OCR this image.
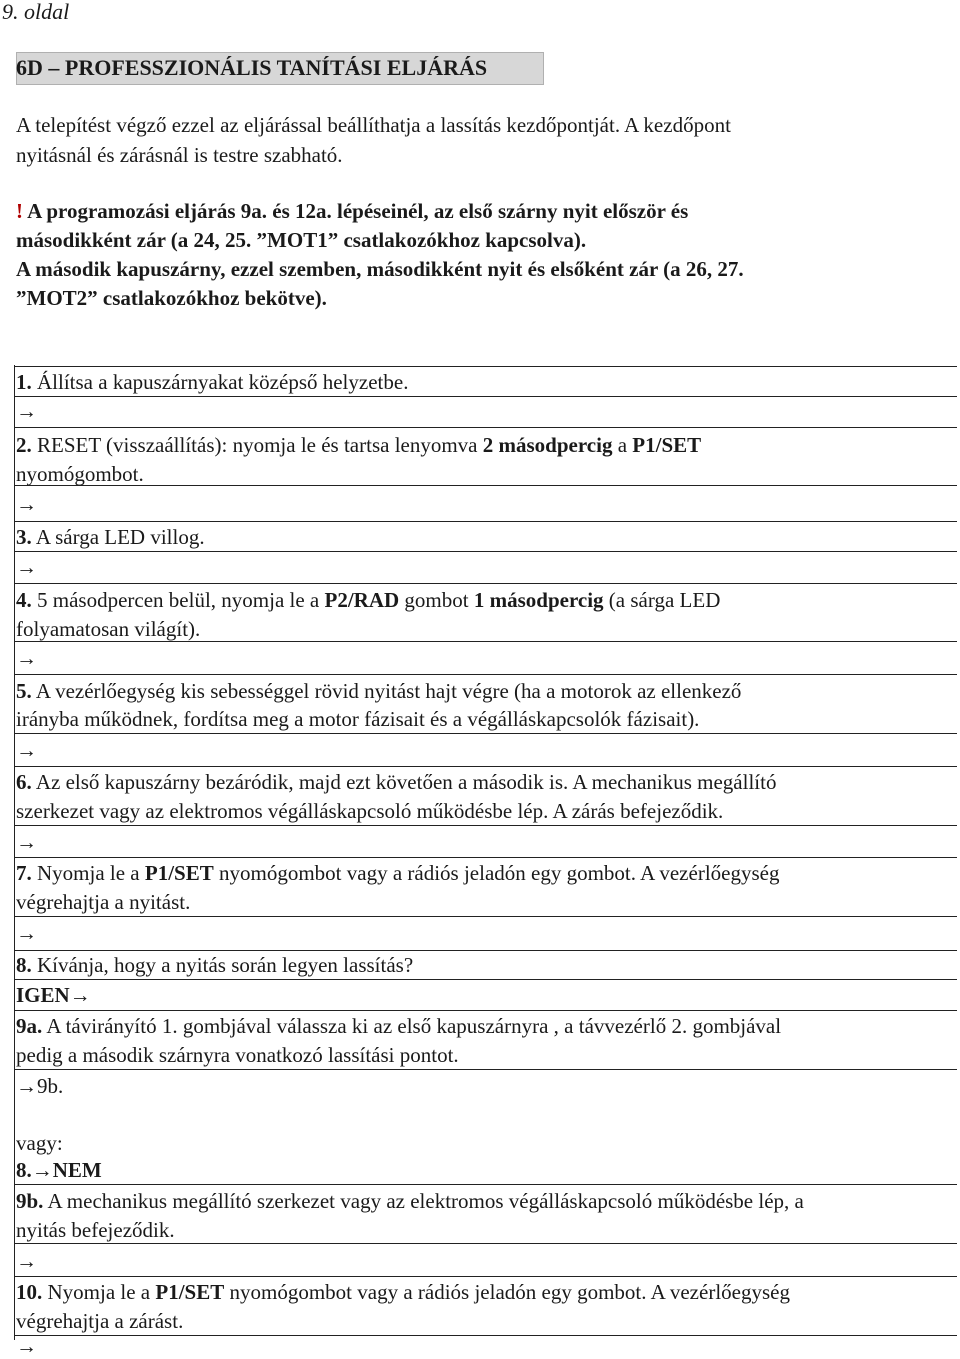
9. oldal
6D – PROFESSZIONÁLIS TANÍTÁSI ELJÁRÁS
A telepítést végző ezzel az eljárással beállíthatja a lassítás kezdőpontját. A kezdőpont
nyitásnál és zárásnál is testre szabható.
! A programozási eljárás 9a. és 12a. lépéseinél, az első szárny nyit először és
másodikként zár (a 24, 25. ”MOT1” csatlakozókhoz kapcsolva).
A második kapuszárny, ezzel szemben, másodikként nyit és elsőként zár (a 26, 27.
”MOT2” csatlakozókhoz bekötve).
1. Állítsa a kapuszárnyakat középső helyzetbe.
→
2. RESET (visszaállítás): nyomja le és tartsa lenyomva 2 másodpercig a P1/SET
nyomógombot.
→
3. A sárga LED villog.
→
4. 5 másodpercen belül, nyomja le a P2/RAD gombot 1 másodpercig (a sárga LED
folyamatosan világít).
→
5. A vezérlőegység kis sebességgel rövid nyitást hajt végre (ha a motorok az ellenkező
irányba működnek, fordítsa meg a motor fázisait és a végálláskapcsolók fázisait).
→
6. Az első kapuszárny bezáródik, majd ezt követően a második is. A mechanikus megállító
szerkezet vagy az elektromos végálláskapcsoló működésbe lép. A zárás befejeződik.
→
7. Nyomja le a P1/SET nyomógombot vagy a rádiós jeladón egy gombot. A vezérlőegység
végrehajtja a nyitást.
→
8. Kívánja, hogy a nyitás során legyen lassítás?
IGEN→
9a. A távirányító 1. gombjával válassza ki az első kapuszárnyra , a távvezérlő 2. gombjával
pedig a második szárnyra vonatkozó lassítási pontot.
→9b.
vagy:
8.→NEM
9b. A mechanikus megállító szerkezet vagy az elektromos végálláskapcsoló működésbe lép, a
nyitás befejeződik.
→
10. Nyomja le a P1/SET nyomógombot vagy a rádiós jeladón egy gombot. A vezérlőegység
végrehajtja a zárást.
→
